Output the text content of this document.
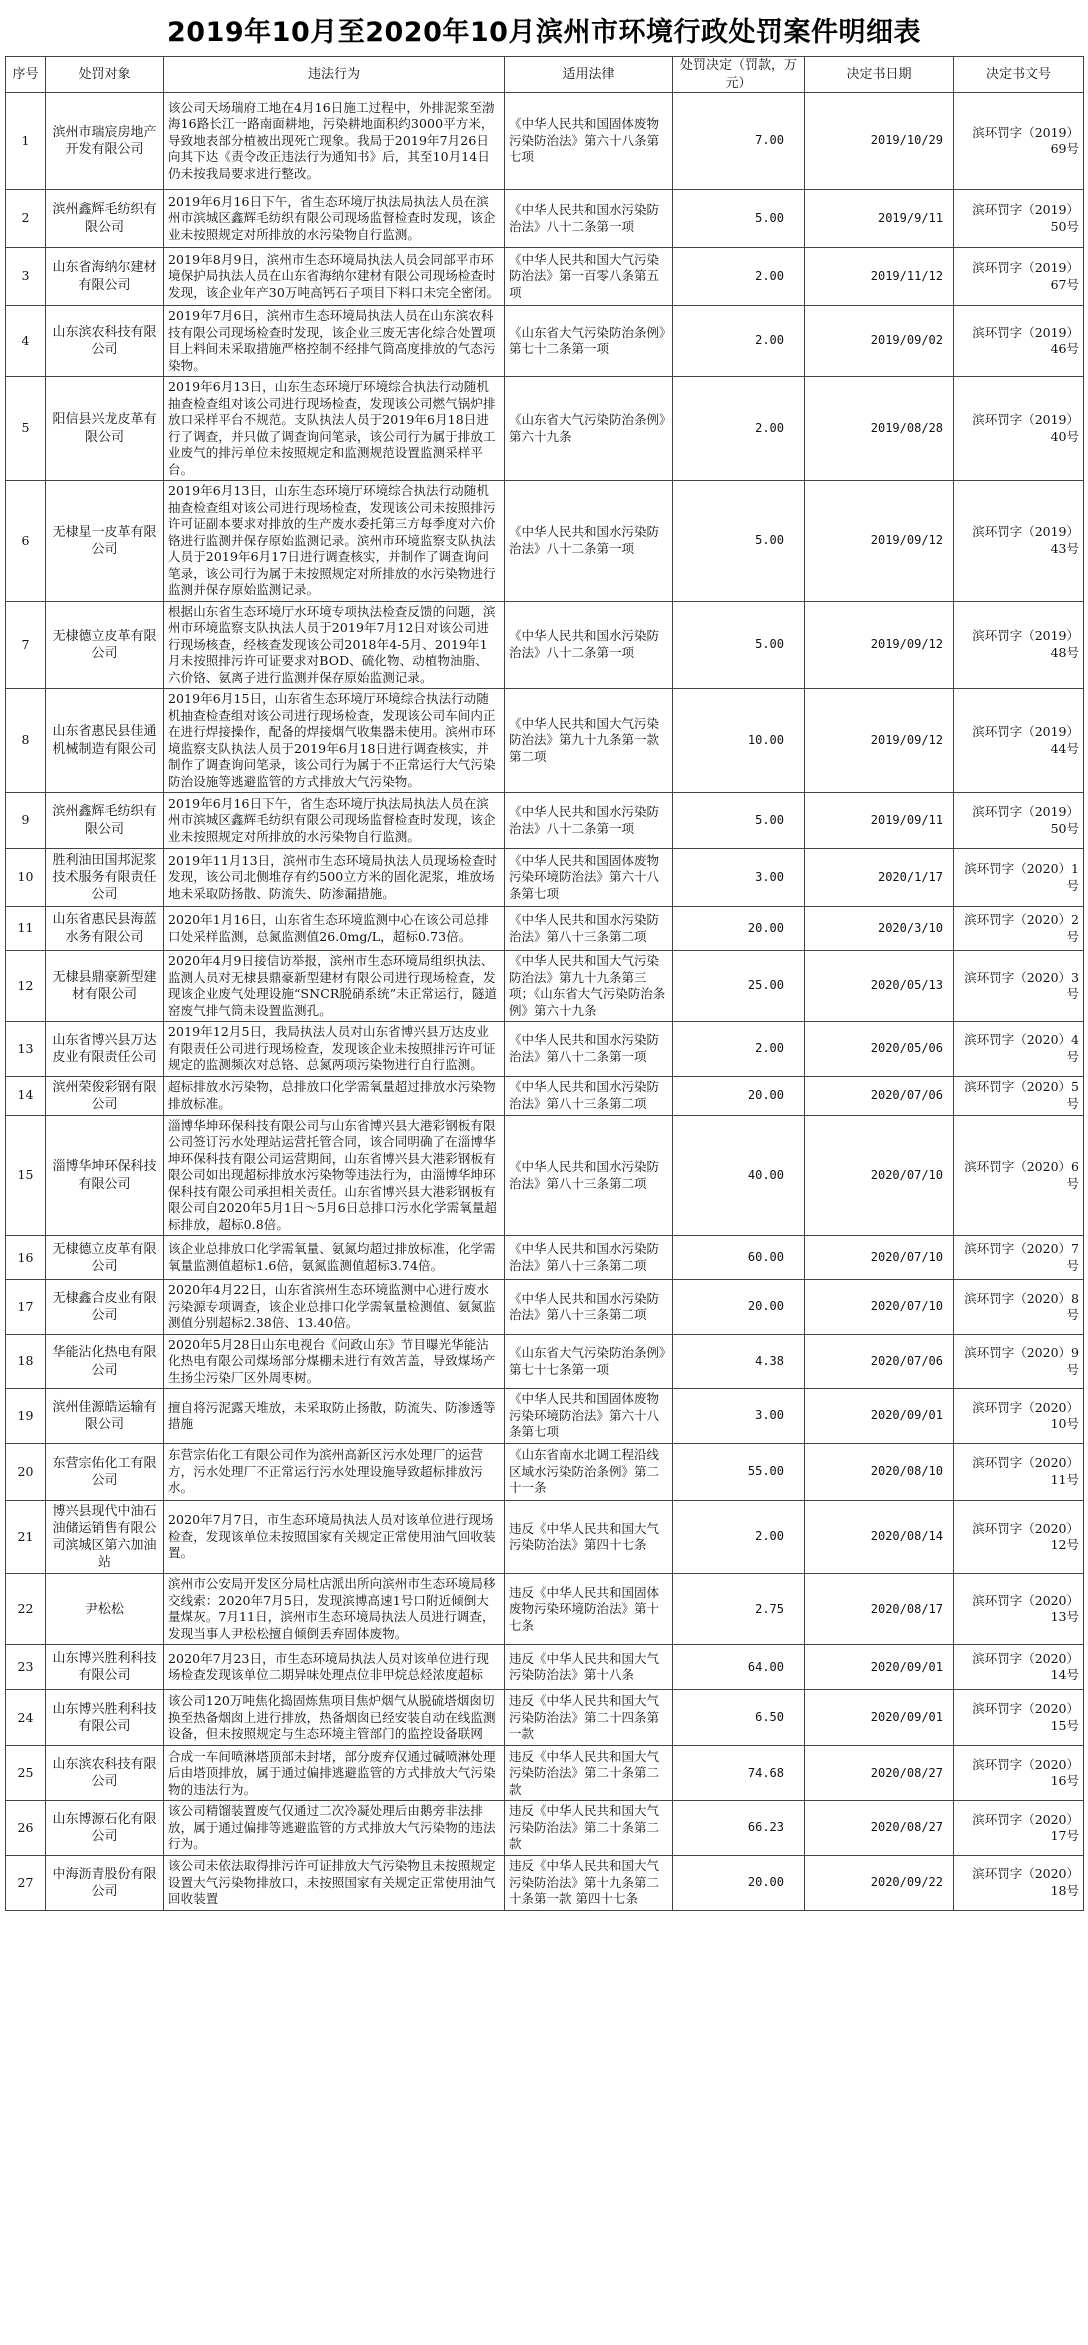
2019年10月至2020年10月滨州市环境行政处罚案件明细表
序号	处罚对象	违法行为	适用法律	处罚决定（罚款，万元）	决定书日期	决定书文号
1	滨州市瑞宸房地产开发有限公司	该公司天场瑞府工地在4月16日施工过程中，外排泥浆至渤海16路长江一路南面耕地，污染耕地面积约3000平方米，导致地表部分植被出现死亡现象。我局于2019年7月26日向其下达《责令改正违法行为通知书》后，其至10月14日仍未按我局要求进行整改。	《中华人民共和国固体废物污染防治法》第六十八条第七项	7.00	2019/10/29	滨环罚字（2019）69号
2	滨州鑫辉毛纺织有限公司	2019年6月16日下午，省生态环境厅执法局执法人员在滨州市滨城区鑫辉毛纺织有限公司现场监督检查时发现，该企业未按照规定对所排放的水污染物自行监测。	《中华人民共和国水污染防治法》八十二条第一项	5.00	2019/9/11	滨环罚字（2019）50号
3	山东省海纳尔建材有限公司	2019年8月9日，滨州市生态环境局执法人员会同部平市环境保护局执法人员在山东省海纳尔建材有限公司现场检查时发现，该企业年产30万吨高钙石子项目下料口未完全密闭。	《中华人民共和国大气污染防治法》第一百零八条第五项	2.00	2019/11/12	滨环罚字（2019）67号
4	山东滨农科技有限公司	2019年7月6日，滨州市生态环境局执法人员在山东滨农科技有限公司现场检查时发现，该企业三废无害化综合处置项目上料间未采取措施严格控制不经排气筒高度排放的气态污染物。	《山东省大气污染防治条例》第七十二条第一项	2.00	2019/09/02	滨环罚字（2019）46号
5	阳信县兴龙皮革有限公司	2019年6月13日，山东生态环境厅环境综合执法行动随机抽查检查组对该公司进行现场检查，发现该公司燃气锅炉排放口采样平台不规范。支队执法人员于2019年6月18日进行了调查，并只做了调查询问笔录，该公司行为属于排放工业废气的排污单位未按照规定和监测规范设置监测采样平台。	《山东省大气污染防治条例》第六十九条	2.00	2019/08/28	滨环罚字（2019）40号
6	无棣星一皮革有限公司	2019年6月13日，山东生态环境厅环境综合执法行动随机抽查检查组对该公司进行现场检查，发现该公司未按照排污许可证副本要求对排放的生产废水委托第三方每季度对六价铬进行监测并保存原始监测记录。滨州市环境监察支队执法人员于2019年6月17日进行调查核实，并制作了调查询问笔录，该公司行为属于未按照规定对所排放的水污染物进行监测并保存原始监测记录。	《中华人民共和国水污染防治法》八十二条第一项	5.00	2019/09/12	滨环罚字（2019）43号
7	无棣德立皮革有限公司	根据山东省生态环境厅水环境专项执法检查反馈的问题，滨州市环境监察支队执法人员于2019年7月12日对该公司进行现场核查，经核查发现该公司2018年4-5月、2019年1月未按照排污许可证要求对BOD、硫化物、动植物油脂、六价铬、氨离子进行监测并保存原始监测记录。	《中华人民共和国水污染防治法》八十二条第一项	5.00	2019/09/12	滨环罚字（2019）48号
8	山东省惠民县佳通机械制造有限公司	2019年6月15日，山东省生态环境厅环境综合执法行动随机抽查检查组对该公司进行现场检查，发现该公司车间内正在进行焊接操作，配备的焊接烟气收集器未使用。滨州市环境监察支队执法人员于2019年6月18日进行调查核实，并制作了调查询问笔录，该公司行为属于不正常运行大气污染防治设施等逃避监管的方式排放大气污染物。	《中华人民共和国大气污染防治法》第九十九条第一款第二项	10.00	2019/09/12	滨环罚字（2019）44号
9	滨州鑫辉毛纺织有限公司	2019年6月16日下午，省生态环境厅执法局执法人员在滨州市滨城区鑫辉毛纺织有限公司现场监督检查时发现，该企业未按照规定对所排放的水污染物自行监测。	《中华人民共和国水污染防治法》八十二条第一项	5.00	2019/09/11	滨环罚字（2019）50号
10	胜利油田国邦泥浆技术服务有限责任公司	2019年11月13日，滨州市生态环境局执法人员现场检查时发现，该公司北侧堆存有约500立方米的固化泥浆，堆放场地未采取防扬散、防流失、防渗漏措施。	《中华人民共和国固体废物污染环境防治法》第六十八条第七项	3.00	2020/1/17	滨环罚字（2020）1号
11	山东省惠民县海蓝水务有限公司	2020年1月16日，山东省生态环境监测中心在该公司总排口处采样监测，总氮监测值26.0mg/L，超标0.73倍。	《中华人民共和国水污染防治法》第八十三条第二项	20.00	2020/3/10	滨环罚字（2020）2号
12	无棣县鼎豪新型建材有限公司	2020年4月9日接信访举报，滨州市生态环境局组织执法、监测人员对无棣县鼎豪新型建材有限公司进行现场检查，发现该企业废气处理设施“SNCR脱硝系统”未正常运行，隧道窑废气排气筒未设置监测孔。	《中华人民共和国大气污染防治法》第九十九条第三项；《山东省大气污染防治条例》第六十九条	25.00	2020/05/13	滨环罚字（2020）3号
13	山东省博兴县万达皮业有限责任公司	2019年12月5日，我局执法人员对山东省博兴县万达皮业有限责任公司进行现场检查，发现该企业未按照排污许可证规定的监测频次对总铬、总氮两项污染物进行自行监测。	《中华人民共和国水污染防治法》第八十二条第一项	2.00	2020/05/06	滨环罚字（2020）4号
14	滨州荣俊彩钢有限公司	超标排放水污染物，总排放口化学需氧量超过排放水污染物排放标准。	《中华人民共和国水污染防治法》第八十三条第二项	20.00	2020/07/06	滨环罚字（2020）5号
15	淄博华坤环保科技有限公司	淄博华坤环保科技有限公司与山东省博兴县大港彩钢板有限公司签订污水处理站运营托管合同，该合同明确了在淄博华坤环保科技有限公司运营期间，山东省博兴县大港彩钢板有限公司如出现超标排放水污染物等违法行为，由淄博华坤环保科技有限公司承担相关责任。山东省博兴县大港彩钢板有限公司自2020年5月1日～5月6日总排口污水化学需氧量超标排放，超标0.8倍。	《中华人民共和国水污染防治法》第八十三条第二项	40.00	2020/07/10	滨环罚字（2020）6号
16	无棣德立皮革有限公司	该企业总排放口化学需氧量、氨氮均超过排放标准，化学需氧量监测值超标1.6倍，氨氮监测值超标3.74倍。	《中华人民共和国水污染防治法》第八十三条第二项	60.00	2020/07/10	滨环罚字（2020）7号
17	无棣鑫合皮业有限公司	2020年4月22日，山东省滨州生态环境监测中心进行废水污染源专项调查，该企业总排口化学需氧量检测值、氨氮监测值分别超标2.38倍、13.40倍。	《中华人民共和国水污染防治法》第八十三条第二项	20.00	2020/07/10	滨环罚字（2020）8号
18	华能沾化热电有限公司	2020年5月28日山东电视台《问政山东》节目曝光华能沾化热电有限公司煤场部分煤棚未进行有效苫盖，导致煤场产生扬尘污染厂区外周枣树。	《山东省大气污染防治条例》第七十七条第一项	4.38	2020/07/06	滨环罚字（2020）9号
19	滨州佳源皓运输有限公司	擅自将污泥露天堆放，未采取防止扬散，防流失、防渗透等措施	《中华人民共和国固体废物污染环境防治法》第六十八条第七项	3.00	2020/09/01	滨环罚字（2020）10号
20	东营宗佑化工有限公司	东营宗佑化工有限公司作为滨州高新区污水处理厂的运营方，污水处理厂不正常运行污水处理设施导致超标排放污水。	《山东省南水北调工程沿线区域水污染防治条例》第二十一条	55.00	2020/08/10	滨环罚字（2020）11号
21	博兴县现代中油石油储运销售有限公司滨城区第六加油站	2020年7月7日，市生态环境局执法人员对该单位进行现场检查，发现该单位未按照国家有关规定正常使用油气回收装置。	违反《中华人民共和国大气污染防治法》第四十七条	2.00	2020/08/14	滨环罚字（2020）12号
22	尹松松	滨州市公安局开发区分局杜店派出所向滨州市生态环境局移交线索：2020年7月5日，发现滨博高速1号口附近倾倒大量煤灰。7月11日，滨州市生态环境局执法人员进行调查，发现当事人尹松松擅自倾倒丢弃固体废物。	违反《中华人民共和国固体废物污染环境防治法》第十七条	2.75	2020/08/17	滨环罚字（2020）13号
23	山东博兴胜利科技有限公司	2020年7月23日，市生态环境局执法人员对该单位进行现场检查发现该单位二期异味处理点位非甲烷总烃浓度超标	违反《中华人民共和国大气污染防治法》第十八条	64.00	2020/09/01	滨环罚字（2020）14号
24	山东博兴胜利科技有限公司	该公司120万吨焦化捣固炼焦项目焦炉烟气从脱硫塔烟囱切换至热备烟囱上进行排放，热备烟囱已经安装自动在线监测设备，但未按照规定与生态环境主管部门的监控设备联网	违反《中华人民共和国大气污染防治法》第二十四条第一款	6.50	2020/09/01	滨环罚字（2020）15号
25	山东滨农科技有限公司	合成一车间喷淋塔顶部未封堵，部分废弃仅通过碱喷淋处理后由塔顶排放，属于通过偏排逃避监管的方式排放大气污染物的违法行为。	违反《中华人民共和国大气污染防治法》第二十条第二款	74.68	2020/08/27	滨环罚字（2020）16号
26	山东博源石化有限公司	该公司精馏装置废气仅通过二次冷凝处理后由鹅旁非法排放，属于通过偏排等逃避监管的方式排放大气污染物的违法行为。	违反《中华人民共和国大气污染防治法》第二十条第二款	66.23	2020/08/27	滨环罚字（2020）17号
27	中海沥青股份有限公司	该公司未依法取得排污许可证排放大气污染物且未按照规定设置大气污染物排放口，未按照国家有关规定正常使用油气回收装置	违反《中华人民共和国大气污染防治法》第十九条第二十条第一款 第四十七条	20.00	2020/09/22	滨环罚字（2020）18号
